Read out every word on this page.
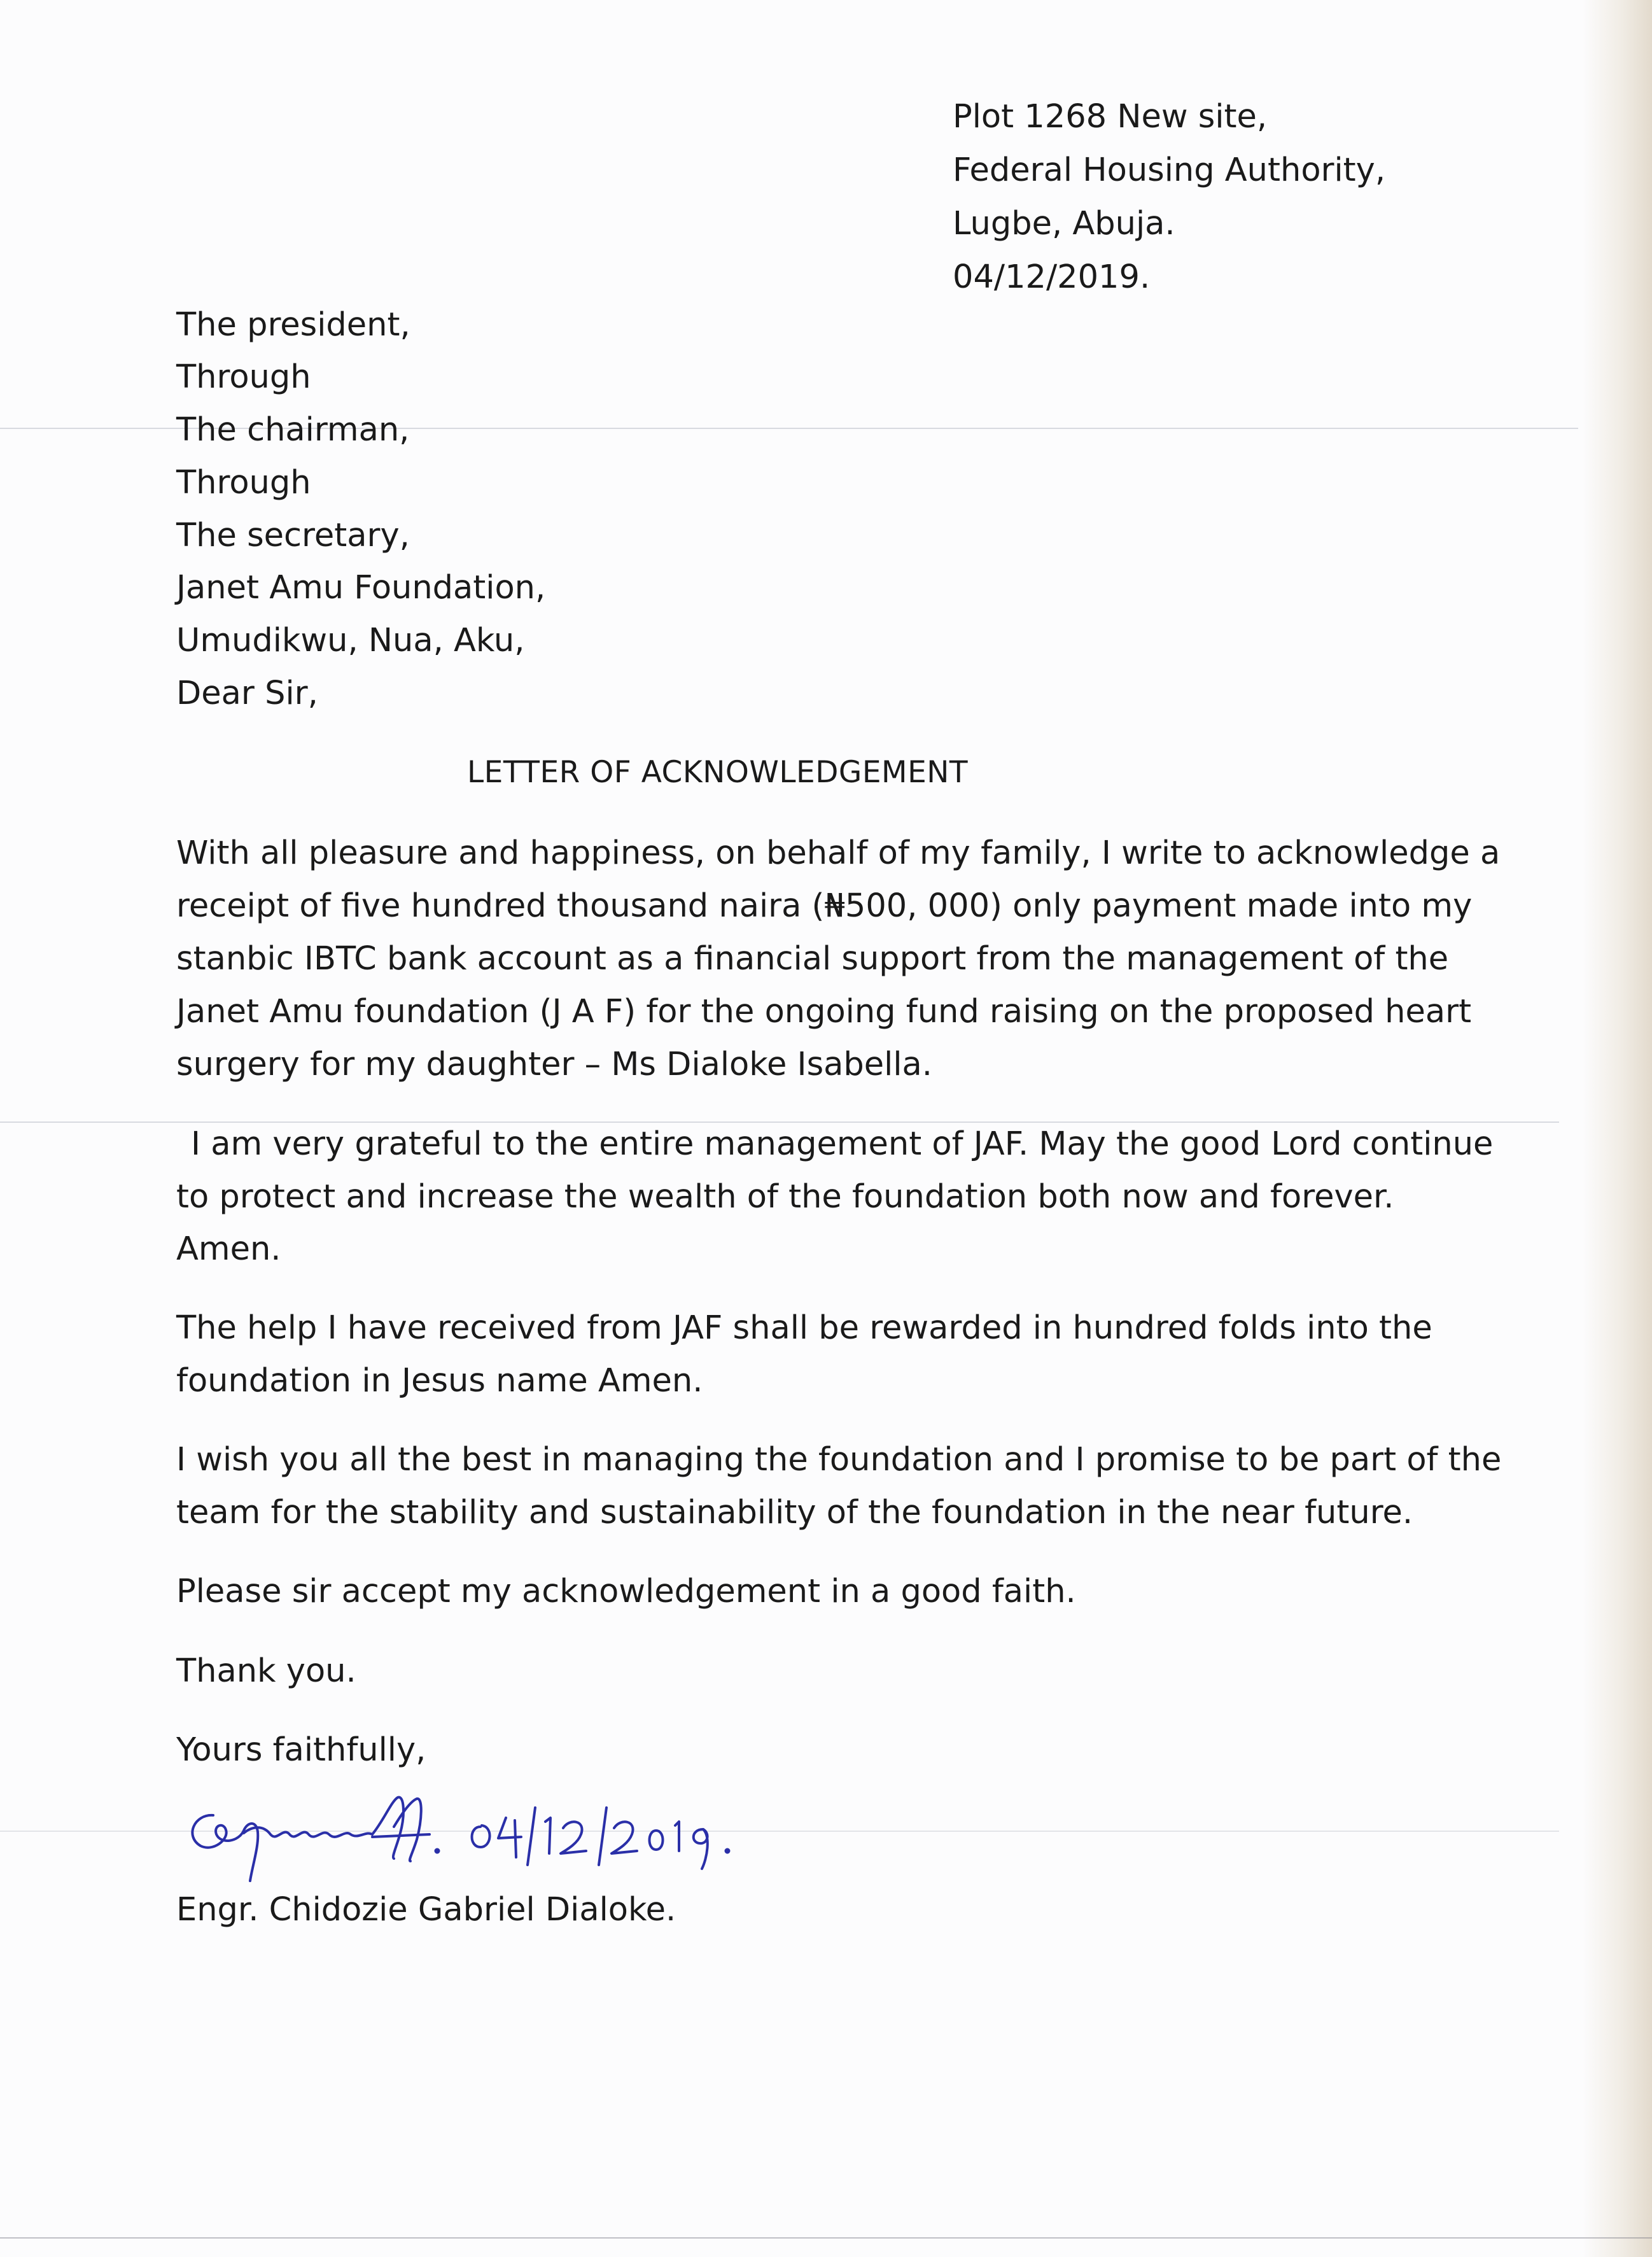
Plot 1268 New site,

Federal Housing Authority,

Lugbe, Abuja.

04/12/2019.

The president,

Through

The chairman,

Through

The secretary,

Janet Amu Foundation,

Umudikwu, Nua, Aku,

Dear Sir,

LETTER OF ACKNOWLEDGEMENT

With all pleasure and happiness, on behalf of my family, I write to acknowledge a

receipt of five hundred thousand naira (₦500, 000) only payment made into my

stanbic IBTC bank account as a financial support from the management of the

Janet Amu foundation (J A F) for the ongoing fund raising on the proposed heart

surgery for my daughter – Ms Dialoke Isabella.

I am very grateful to the entire management of JAF. May the good Lord continue

to protect and increase the wealth of the foundation both now and forever.

Amen.

The help I have received from JAF shall be rewarded in hundred folds into the

foundation in Jesus name Amen.

I wish you all the best in managing the foundation and I promise to be part of the

team for the stability and sustainability of the foundation in the near future.

Please sir accept my acknowledgement in a good faith.

Thank you.

Yours faithfully,

Engr. Chidozie Gabriel Dialoke.
